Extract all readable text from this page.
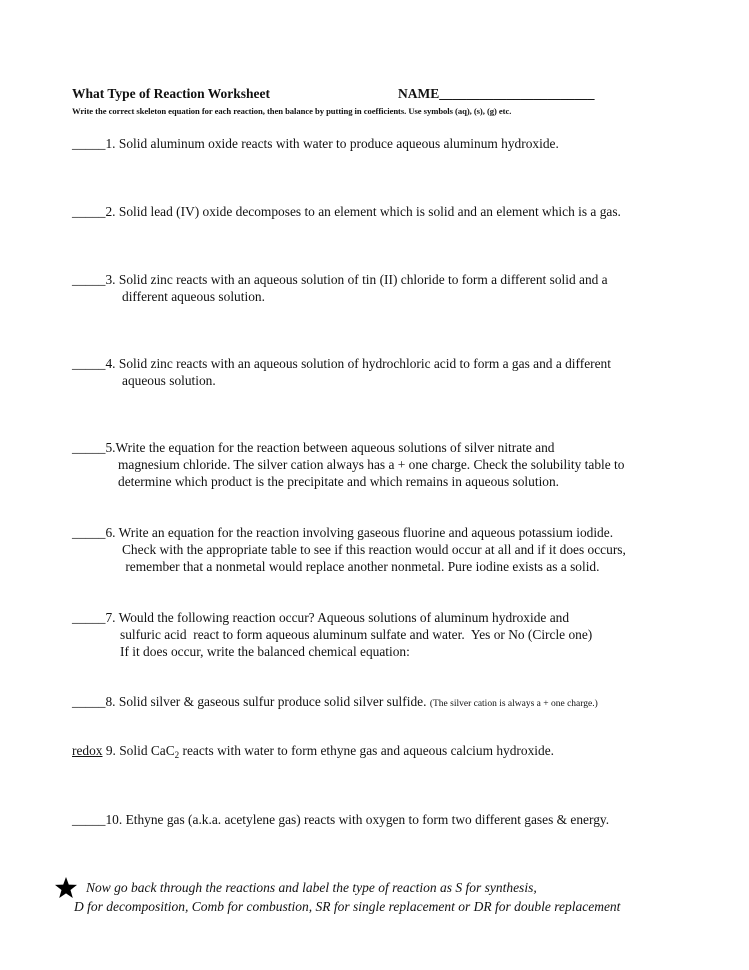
What Type of Reaction Worksheet	NAME_______________________
Write the correct skeleton equation for each reaction, then balance by putting in coefficients. Use symbols (aq), (s), (g) etc.
_____1. Solid aluminum oxide reacts with water to produce aqueous aluminum hydroxide.
_____2. Solid lead (IV) oxide decomposes to an element which is solid and an element which is a gas.
_____3. Solid zinc reacts with an aqueous solution of tin (II) chloride to form a different solid and a
different aqueous solution.
_____4. Solid zinc reacts with an aqueous solution of hydrochloric acid to form a gas and a different
aqueous solution.
_____5.Write the equation for the reaction between aqueous solutions of silver nitrate and
magnesium chloride. The silver cation always has a + one charge. Check the solubility table to
determine which product is the precipitate and which remains in aqueous solution.
_____6. Write an equation for the reaction involving gaseous fluorine and aqueous potassium iodide.
Check with the appropriate table to see if this reaction would occur at all and if it does occurs,
remember that a nonmetal would replace another nonmetal. Pure iodine exists as a solid.
_____7. Would the following reaction occur? Aqueous solutions of aluminum hydroxide and
sulfuric acid  react to form aqueous aluminum sulfate and water.  Yes or No (Circle one)
If it does occur, write the balanced chemical equation:
_____8. Solid silver & gaseous sulfur produce solid silver sulfide. (The silver cation is always a + one charge.)
redox 9. Solid CaC$_2$ reacts with water to form ethyne gas and aqueous calcium hydroxide.
_____10. Ethyne gas (a.k.a. acetylene gas) reacts with oxygen to form two different gases & energy.
Now go back through the reactions and label the type of reaction as S for synthesis,
D for decomposition, Comb for combustion, SR for single replacement or DR for double replacement
